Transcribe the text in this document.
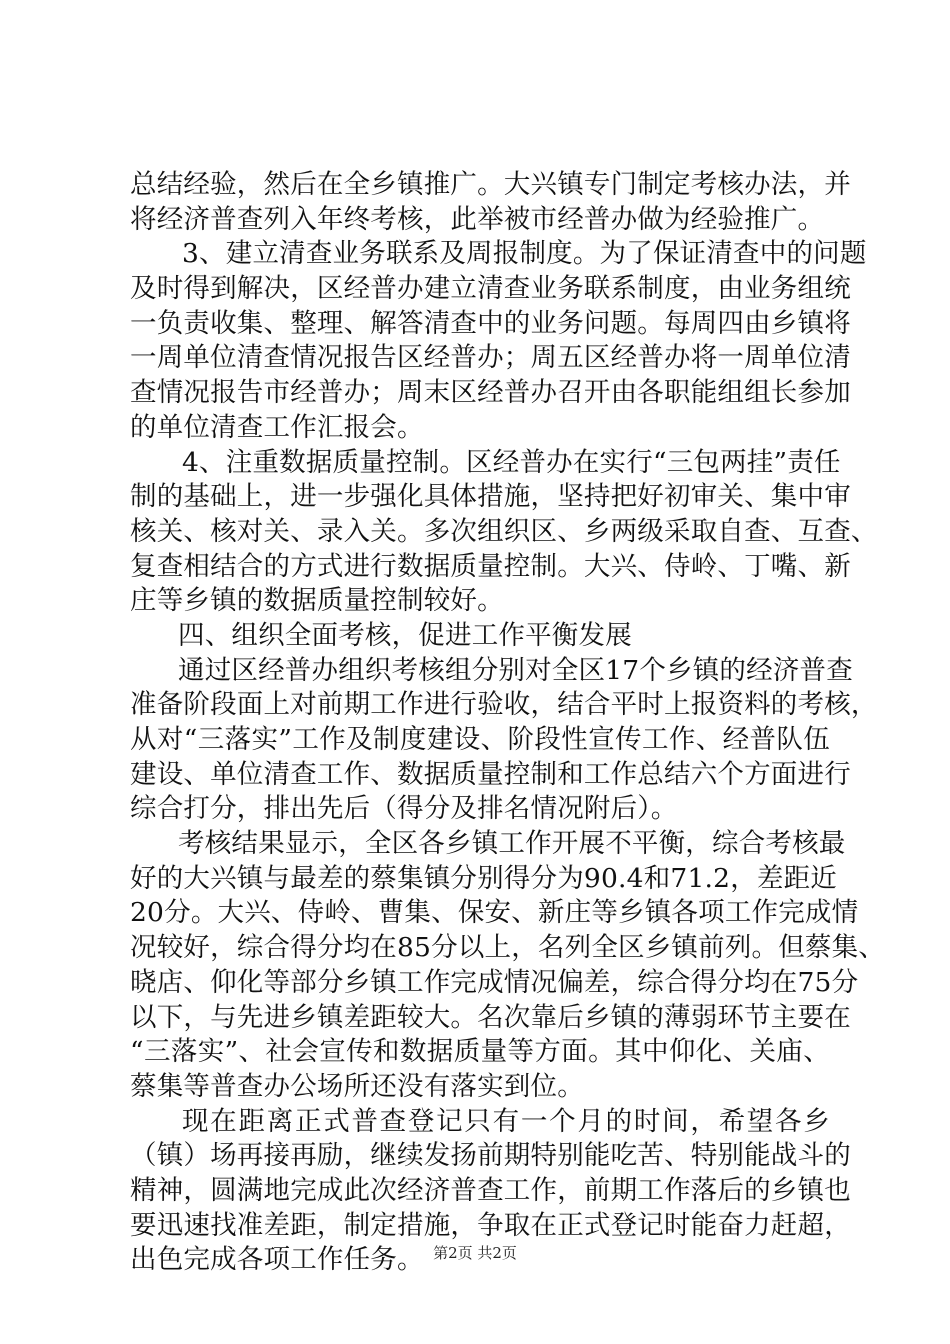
总结经验，然后在全乡镇推广。大兴镇专门制定考核办法，并
将经济普查列入年终考核，此举被市经普办做为经验推广。
3、建立清查业务联系及周报制度。为了保证清查中的问题
及时得到解决，区经普办建立清查业务联系制度，由业务组统
一负责收集、整理、解答清查中的业务问题。每周四由乡镇将
一周单位清查情况报告区经普办；周五区经普办将一周单位清
查情况报告市经普办；周末区经普办召开由各职能组组长参加
的单位清查工作汇报会。
4、注重数据质量控制。区经普办在实行“三包两挂”责任
制的基础上，进一步强化具体措施，坚持把好初审关、集中审
核关、核对关、录入关。多次组织区、乡两级采取自查、互查、
复查相结合的方式进行数据质量控制。大兴、侍岭、丁嘴、新
庄等乡镇的数据质量控制较好。
四、组织全面考核，促进工作平衡发展
通过区经普办组织考核组分别对全区17个乡镇的经济普查
准备阶段面上对前期工作进行验收，结合平时上报资料的考核，
从对“三落实”工作及制度建设、阶段性宣传工作、经普队伍
建设、单位清查工作、数据质量控制和工作总结六个方面进行
综合打分，排出先后（得分及排名情况附后）。
考核结果显示，全区各乡镇工作开展不平衡，综合考核最
好的大兴镇与最差的蔡集镇分别得分为90.4和71.2，差距近
20分。大兴、侍岭、曹集、保安、新庄等乡镇各项工作完成情
况较好，综合得分均在85分以上，名列全区乡镇前列。但蔡集、
晓店、仰化等部分乡镇工作完成情况偏差，综合得分均在75分
以下，与先进乡镇差距较大。名次靠后乡镇的薄弱环节主要在
“三落实”、社会宣传和数据质量等方面。其中仰化、关庙、
蔡集等普查办公场所还没有落实到位。
现在距离正式普查登记只有一个月的时间，希望各乡
（镇）场再接再励，继续发扬前期特别能吃苦、特别能战斗的
精神，圆满地完成此次经济普查工作，前期工作落后的乡镇也
要迅速找准差距，制定措施，争取在正式登记时能奋力赶超，
出色完成各项工作任务。 第2页 共2页
